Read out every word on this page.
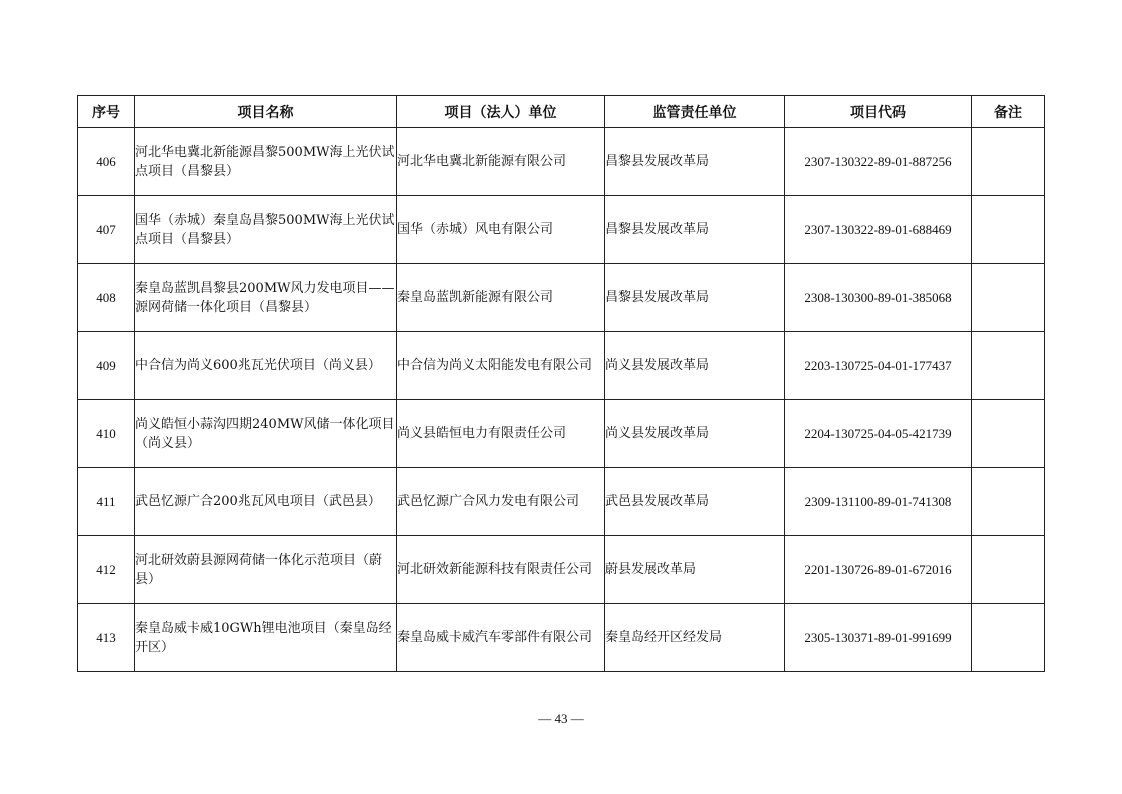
序号	项目名称	项目（法人）单位	监管责任单位	项目代码	备注
406	河北华电冀北新能源昌黎500MW海上光伏试点项目（昌黎县）	河北华电冀北新能源有限公司	昌黎县发展改革局	2307-130322-89-01-887256	
407	国华（赤城）秦皇岛昌黎500MW海上光伏试点项目（昌黎县）	国华（赤城）风电有限公司	昌黎县发展改革局	2307-130322-89-01-688469	
408	秦皇岛蓝凯昌黎县200MW风力发电项目——源网荷储一体化项目（昌黎县）	秦皇岛蓝凯新能源有限公司	昌黎县发展改革局	2308-130300-89-01-385068	
409	中合信为尚义600兆瓦光伏项目（尚义县）	中合信为尚义太阳能发电有限公司	尚义县发展改革局	2203-130725-04-01-177437	
410	尚义皓恒小蒜沟四期240MW风储一体化项目（尚义县）	尚义县皓恒电力有限责任公司	尚义县发展改革局	2204-130725-04-05-421739	
411	武邑忆源广合200兆瓦风电项目（武邑县）	武邑忆源广合风力发电有限公司	武邑县发展改革局	2309-131100-89-01-741308	
412	河北研效蔚县源网荷储一体化示范项目（蔚县）	河北研效新能源科技有限责任公司	蔚县发展改革局	2201-130726-89-01-672016	
413	秦皇岛威卡威10GWh锂电池项目（秦皇岛经开区）	秦皇岛威卡威汽车零部件有限公司	秦皇岛经开区经发局	2305-130371-89-01-991699	
— 43 —
